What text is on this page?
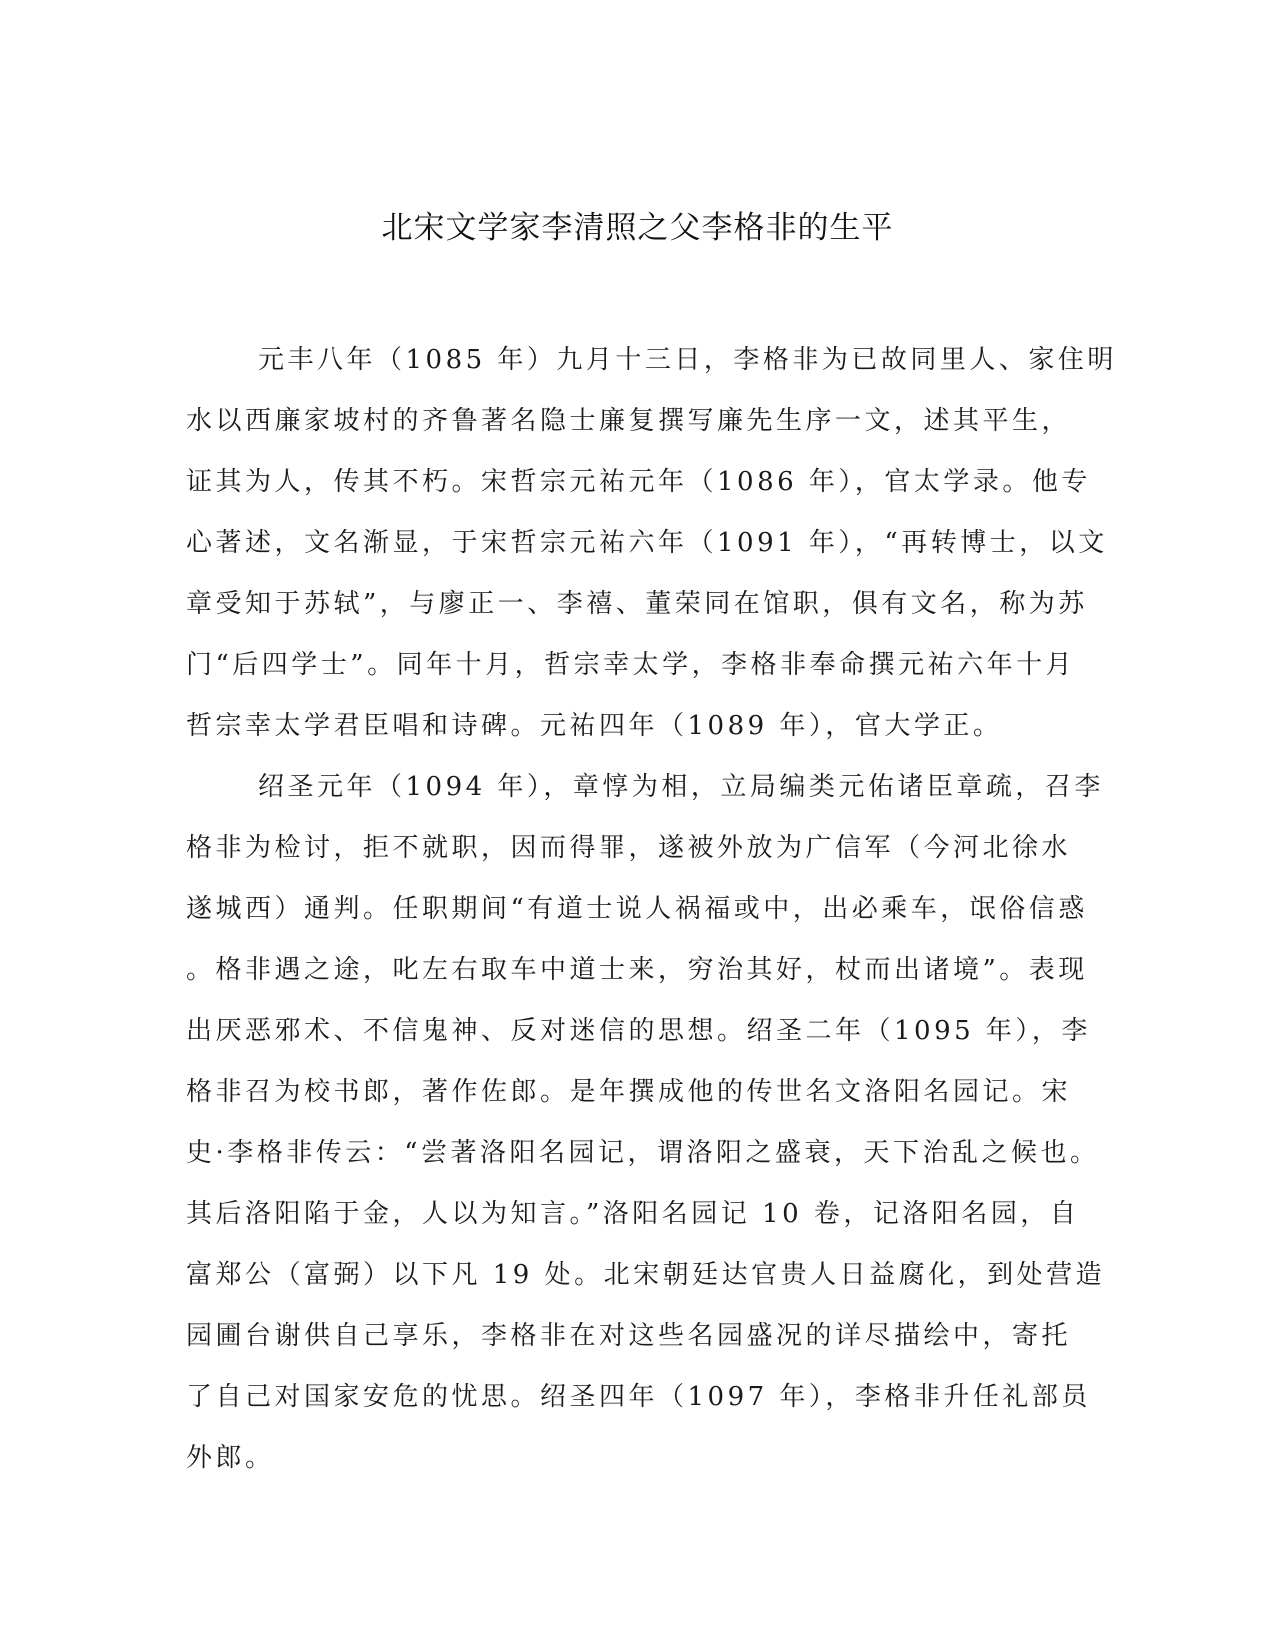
北宋文学家李清照之父李格非的生平

元丰八年（1085 年）九月十三日，李格非为已故同里人、家住明
水以西廉家坡村的齐鲁著名隐士廉复撰写廉先生序一文，述其平生，
证其为人，传其不朽。宋哲宗元祐元年（1086 年），官太学录。他专
心著述，文名渐显，于宋哲宗元祐六年（1091 年），“再转博士，以文
章受知于苏轼”，与廖正一、李禧、董荣同在馆职，俱有文名，称为苏
门“后四学士”。同年十月，哲宗幸太学，李格非奉命撰元祐六年十月
哲宗幸太学君臣唱和诗碑。元祐四年（1089 年），官大学正。

绍圣元年（1094 年），章惇为相，立局编类元佑诸臣章疏，召李
格非为检讨，拒不就职，因而得罪，遂被外放为广信军（今河北徐水
遂城西）通判。任职期间“有道士说人祸福或中，出必乘车，氓俗信惑
。格非遇之途，叱左右取车中道士来，穷治其好，杖而出诸境”。表现
出厌恶邪术、不信鬼神、反对迷信的思想。绍圣二年（1095 年），李
格非召为校书郎，著作佐郎。是年撰成他的传世名文洛阳名园记。宋
史·李格非传云：“尝著洛阳名园记，谓洛阳之盛衰，天下治乱之候也。
其后洛阳陷于金，人以为知言。”洛阳名园记 10 卷，记洛阳名园，自
富郑公（富弼）以下凡 19 处。北宋朝廷达官贵人日益腐化，到处营造
园圃台谢供自己享乐，李格非在对这些名园盛况的详尽描绘中，寄托
了自己对国家安危的忧思。绍圣四年（1097 年），李格非升任礼部员
外郎。
